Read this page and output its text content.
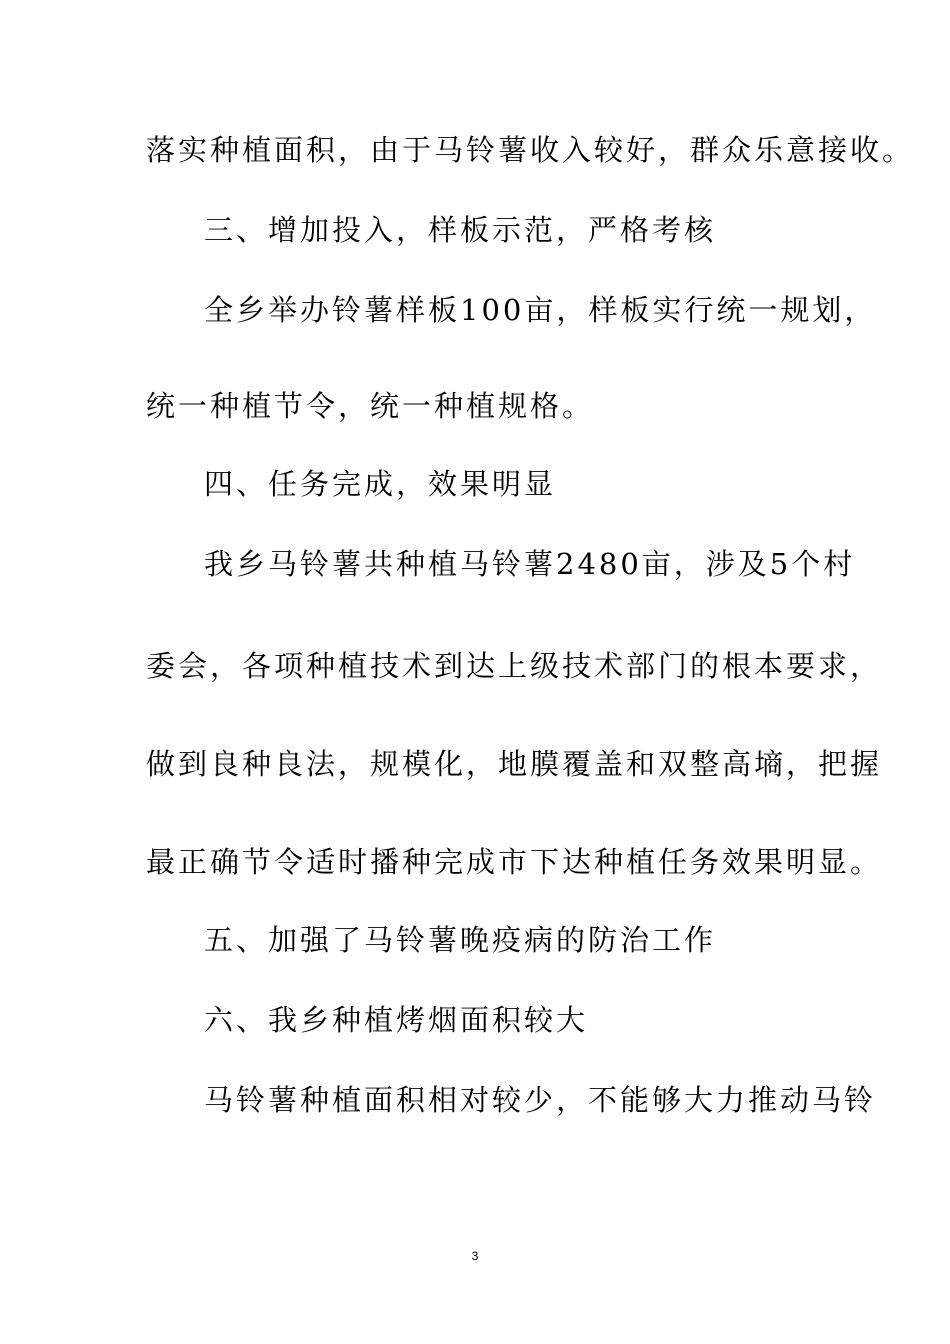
落实种植面积，由于马铃薯收入较好，群众乐意接收。
三、增加投入，样板示范，严格考核
全乡举办铃薯样板100亩，样板实行统一规划，
统一种植节令，统一种植规格。
四、任务完成，效果明显
我乡马铃薯共种植马铃薯2480亩，涉及5个村
委会，各项种植技术到达上级技术部门的根本要求，
做到良种良法，规模化，地膜覆盖和双整高墒，把握
最正确节令适时播种完成市下达种植任务效果明显。
五、加强了马铃薯晚疫病的防治工作
六、我乡种植烤烟面积较大
马铃薯种植面积相对较少，不能够大力推动马铃
3
